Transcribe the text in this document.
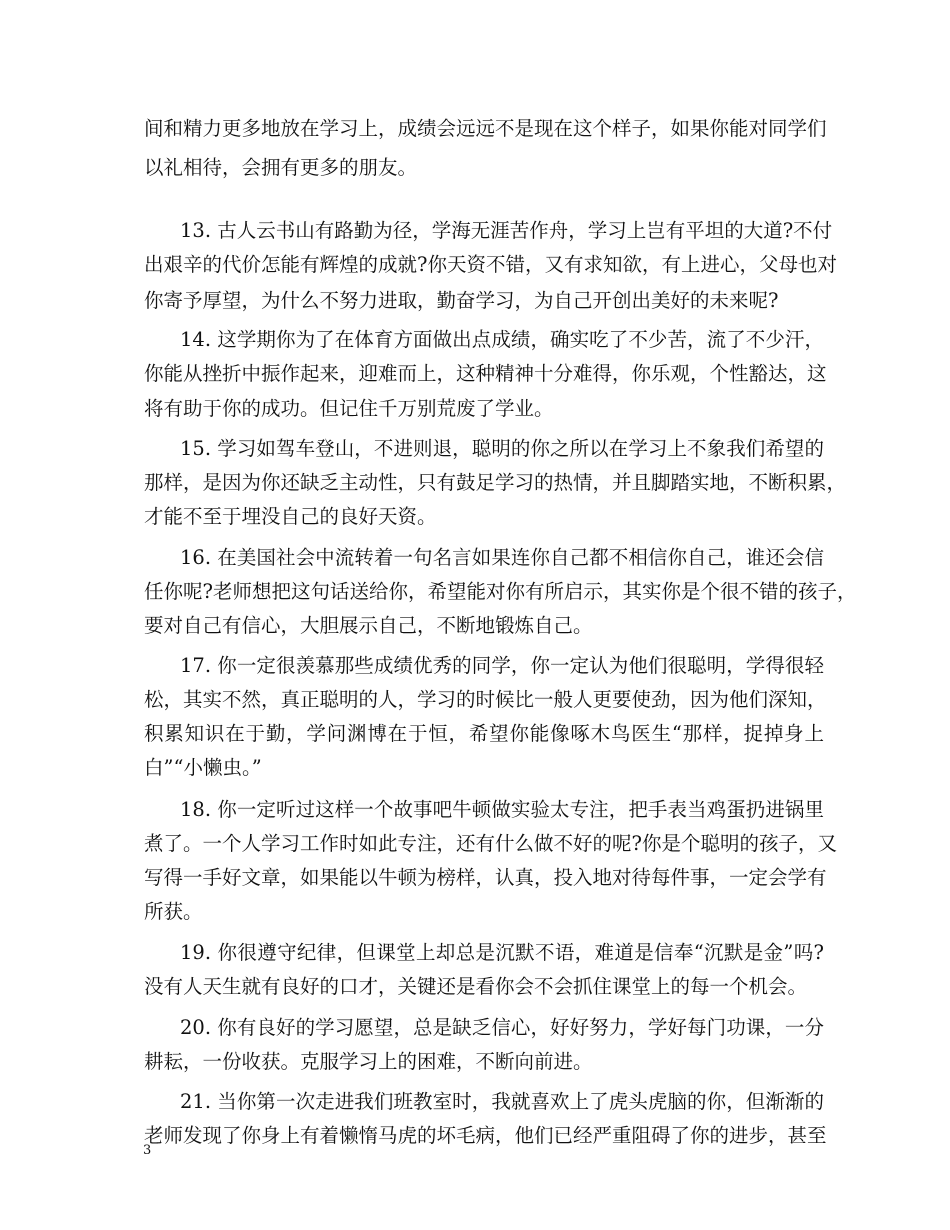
间和精力更多地放在学习上，成绩会远远不是现在这个样子，如果你能对同学们
以礼相待，会拥有更多的朋友。
13. 古人云书山有路勤为径，学海无涯苦作舟，学习上岂有平坦的大道?不付
出艰辛的代价怎能有辉煌的成就?你天资不错，又有求知欲，有上进心，父母也对
你寄予厚望，为什么不努力进取，勤奋学习，为自己开创出美好的未来呢?
14. 这学期你为了在体育方面做出点成绩，确实吃了不少苦，流了不少汗，
你能从挫折中振作起来，迎难而上，这种精神十分难得，你乐观，个性豁达，这
将有助于你的成功。但记住千万别荒废了学业。
15. 学习如驾车登山，不进则退，聪明的你之所以在学习上不象我们希望的
那样，是因为你还缺乏主动性，只有鼓足学习的热情，并且脚踏实地，不断积累，
才能不至于埋没自己的良好天资。
16. 在美国社会中流转着一句名言如果连你自己都不相信你自己，谁还会信
任你呢?老师想把这句话送给你，希望能对你有所启示，其实你是个很不错的孩子，
要对自己有信心，大胆展示自己，不断地锻炼自己。
17. 你一定很羡慕那些成绩优秀的同学，你一定认为他们很聪明，学得很轻
松，其实不然，真正聪明的人，学习的时候比一般人更要使劲，因为他们深知，
积累知识在于勤，学问渊博在于恒，希望你能像啄木鸟医生“那样，捉掉身上
白”“小懒虫。”
18. 你一定听过这样一个故事吧牛顿做实验太专注，把手表当鸡蛋扔进锅里
煮了。一个人学习工作时如此专注，还有什么做不好的呢?你是个聪明的孩子，又
写得一手好文章，如果能以牛顿为榜样，认真，投入地对待每件事，一定会学有
所获。
19. 你很遵守纪律，但课堂上却总是沉默不语，难道是信奉“沉默是金”吗?
没有人天生就有良好的口才，关键还是看你会不会抓住课堂上的每一个机会。
20. 你有良好的学习愿望，总是缺乏信心，好好努力，学好每门功课，一分
耕耘，一份收获。克服学习上的困难，不断向前进。
21. 当你第一次走进我们班教室时，我就喜欢上了虎头虎脑的你，但渐渐的
老师发现了你身上有着懒惰马虎的坏毛病，他们已经严重阻碍了你的进步，甚至
3
